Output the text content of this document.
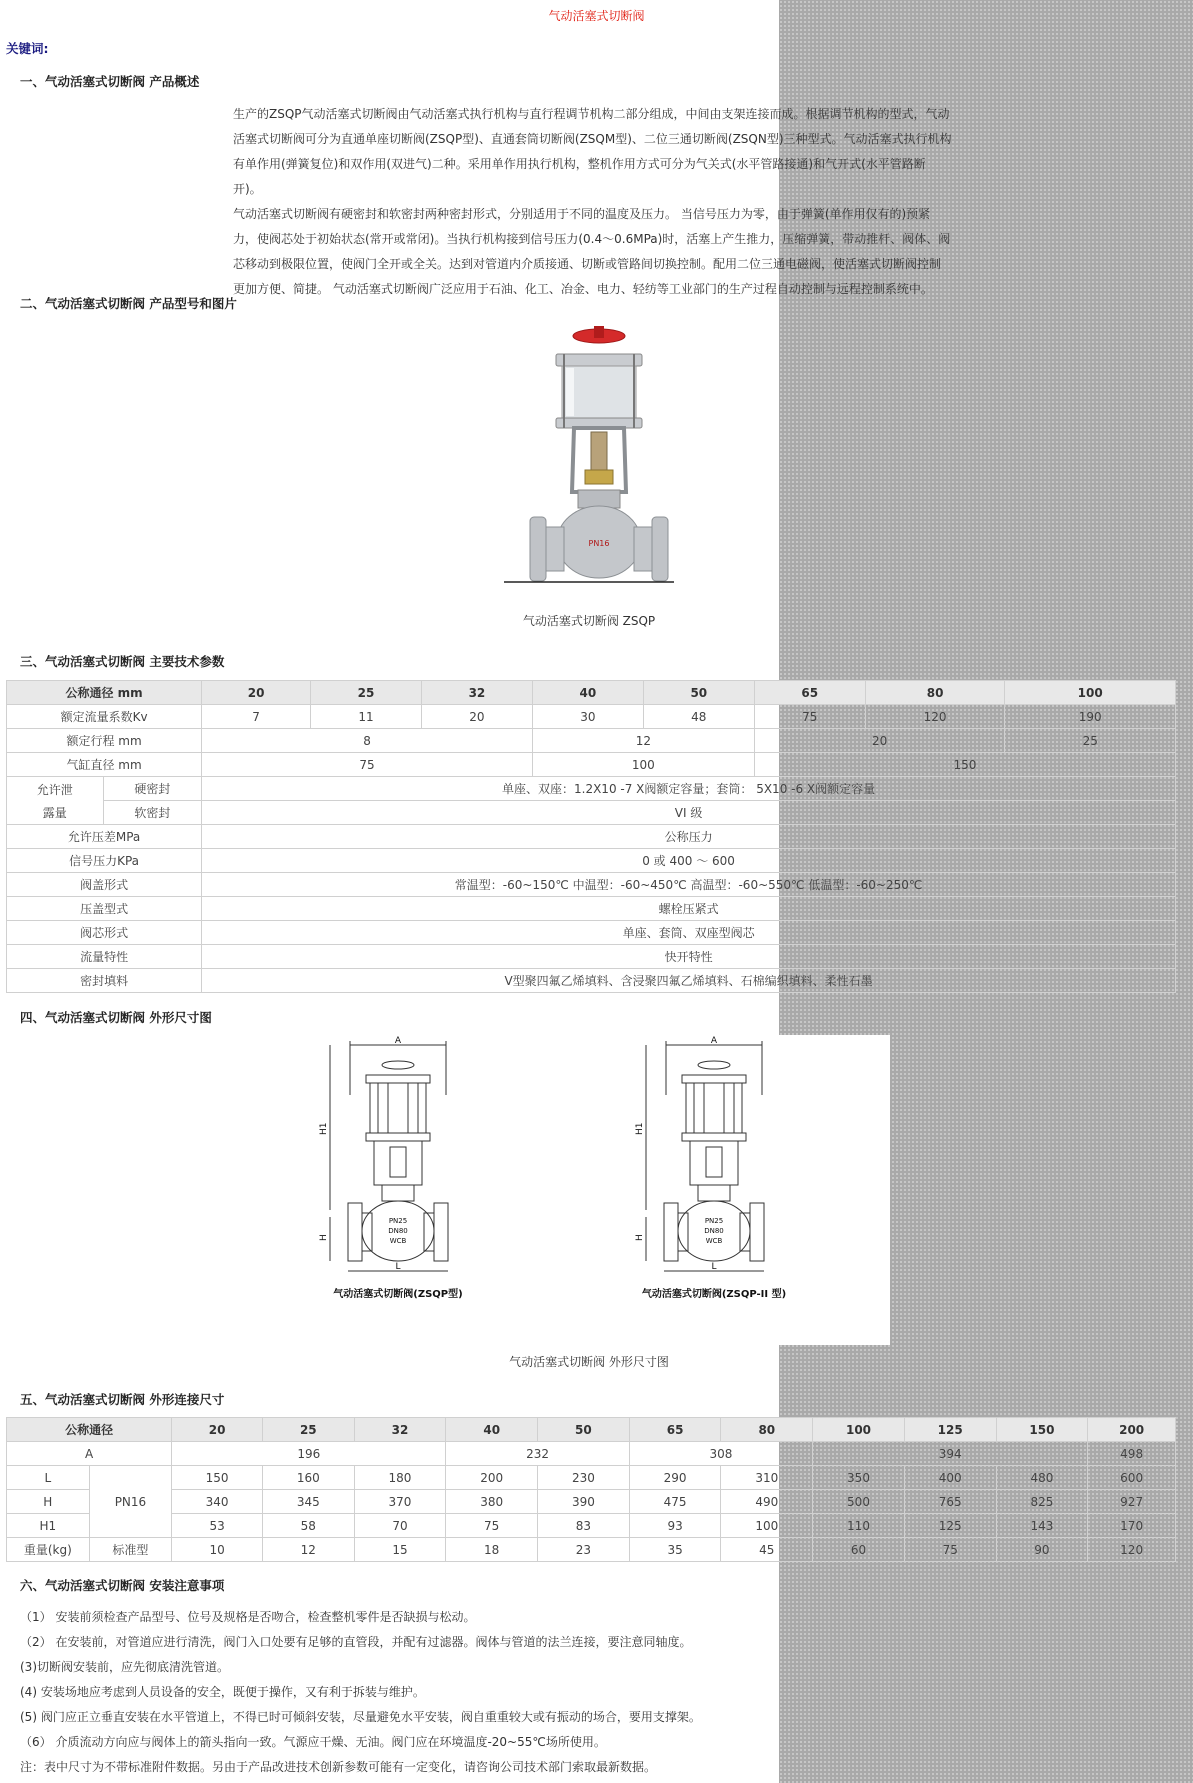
气动活塞式切断阀
关键词:
一、气动活塞式切断阀 产品概述

生产的ZSQP气动活塞式切断阀由气动活塞式执行机构与直行程调节机构二部分组成，中间由支架连接而成。根据调节机构的型式，气动

活塞式切断阀可分为直通单座切断阀(ZSQP型)、直通套筒切断阀(ZSQM型)、二位三通切断阀(ZSQN型)三种型式。气动活塞式执行机构

有单作用(弹簧复位)和双作用(双进气)二种。采用单作用执行机构，整机作用方式可分为气关式(水平管路接通)和气开式(水平管路断开)。

气动活塞式切断阀有硬密封和软密封两种密封形式，分别适用于不同的温度及压力。 当信号压力为零，由于弹簧(单作用仅有的)预紧

力，使阀芯处于初始状态(常开或常闭)。当执行机构接到信号压力(0.4～0.6MPa)时，活塞上产生推力，压缩弹簧，带动推杆、阀体、阀

芯移动到极限位置，使阀门全开或全关。达到对管道内介质接通、切断或管路间切换控制。配用二位三通电磁阀，使活塞式切断阀控制

更加方便、简捷。 气动活塞式切断阀广泛应用于石油、化工、冶金、电力、轻纺等工业部门的生产过程自动控制与远程控制系统中。

二、气动活塞式切断阀 产品型号和图片
PN16
气动活塞式切断阀 ZSQP
三、气动活塞式切断阀 主要技术参数
公称通径 mm		20	25	32	40	50	65	80	100
额定流量系数Kv		7	11	20	30	48	75	120	190
额定行程 mm		8			12		20		25
气缸直径 mm		75			100		150		

允许泄
露量	硬密封	单座、双座：1.2X10 -7 X阀额定容量；套筒： 5X10 -6 X阀额定容量							
	软密封	VI 级							
允许压差MPa		公称压力							
信号压力KPa		0 或 400 ～ 600							
阀盖形式		常温型：-60~150℃ 中温型：-60~450℃ 高温型：-60~550℃ 低温型：-60~250℃							
压盖型式		螺栓压紧式							
阀芯形式		单座、套筒、双座型阀芯							
流量特性		快开特性							
密封填料		V型聚四氟乙烯填料、含浸聚四氟乙烯填料、石棉编织填料、柔性石墨							
四、气动活塞式切断阀 外形尺寸图
A
PN25
DN80
WCB
H1
H
L
气动活塞式切断阀(ZSQP型)
A
PN25
DN80
WCB
H1
H
L
气动活塞式切断阀(ZSQP-II 型)
气动活塞式切断阀 外形尺寸图
五、气动活塞式切断阀 外形连接尺寸
公称通径		20	25	32	40	50	65	80	100	125	150	200
A		196			232		308		394			498
L	PN16	150	160	180	200	230	290	310	350	400	480	600
H		340	345	370	380	390	475	490	500	765	825	927
H1		53	58	70	75	83	93	100	110	125	143	170
重量(kg)	标准型	10	12	15	18	23	35	45	60	75	90	120
六、气动活塞式切断阀 安装注意事项
（1） 安装前须检查产品型号、位号及规格是否吻合，检查整机零件是否缺损与松动。
（2） 在安装前，对管道应进行清洗，阀门入口处要有足够的直管段，并配有过滤器。阀体与管道的法兰连接，要注意同轴度。
(3)切断阀安装前，应先彻底清洗管道。
(4) 安装场地应考虑到人员设备的安全，既便于操作，又有利于拆装与维护。
(5) 阀门应正立垂直安装在水平管道上，不得已时可倾斜安装，尽量避免水平安装，阀自重重较大或有振动的场合，要用支撑架。
（6） 介质流动方向应与阀体上的箭头指向一致。气源应干燥、无油。阀门应在环境温度-20~55℃场所使用。
注：表中尺寸为不带标准附件数据。另由于产品改进技术创新参数可能有一定变化，请咨询公司技术部门索取最新数据。
